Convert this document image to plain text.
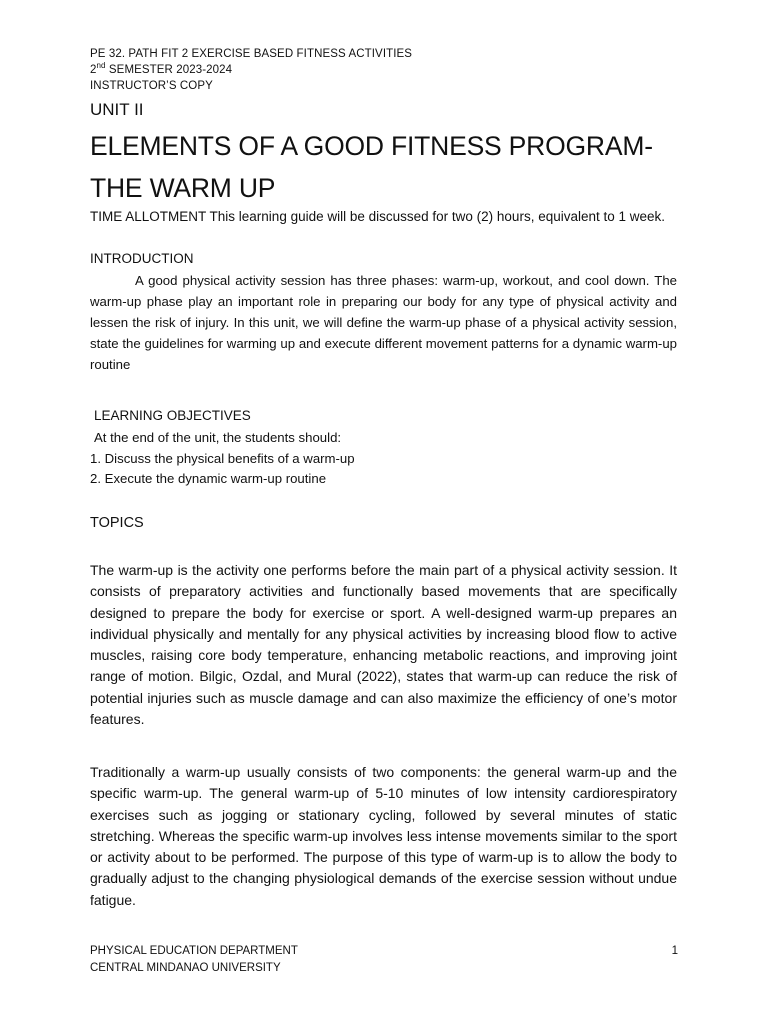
PE 32. PATH FIT 2 EXERCISE BASED FITNESS ACTIVITIES
2nd SEMESTER 2023-2024
INSTRUCTOR’S COPY
UNIT II
ELEMENTS OF A GOOD FITNESS PROGRAM-
THE WARM UP
TIME ALLOTMENT This learning guide will be discussed for two (2) hours, equivalent to 1 week.
INTRODUCTION
A good physical activity session has three phases: warm-up, workout, and cool down. The warm-up phase play an important role in preparing our body for any type of physical activity and lessen the risk of injury. In this unit, we will define the warm-up phase of a physical activity session, state the guidelines for warming up and execute different movement patterns for a dynamic warm-up routine
LEARNING OBJECTIVES
At the end of the unit, the students should:
1. Discuss the physical benefits of a warm-up
2. Execute the dynamic warm-up routine
TOPICS
The warm-up is the activity one performs before the main part of a physical activity session. It consists of preparatory activities and functionally based movements that are specifically designed to prepare the body for exercise or sport. A well-designed warm-up prepares an individual physically and mentally for any physical activities by increasing blood flow to active muscles, raising core body temperature, enhancing metabolic reactions, and improving joint range of motion. Bilgic, Ozdal, and Mural (2022), states that warm-up can reduce the risk of potential injuries such as muscle damage and can also maximize the efficiency of one’s motor features.
Traditionally a warm-up usually consists of two components: the general warm-up and the specific warm-up. The general warm-up of 5-10 minutes of low intensity cardiorespiratory exercises such as jogging or stationary cycling, followed by several minutes of static stretching. Whereas the specific warm-up involves less intense movements similar to the sport or activity about to be performed. The purpose of this type of warm-up is to allow the body to gradually adjust to the changing physiological demands of the exercise session without undue fatigue.
PHYSICAL EDUCATION DEPARTMENT
CENTRAL MINDANAO UNIVERSITY
1
